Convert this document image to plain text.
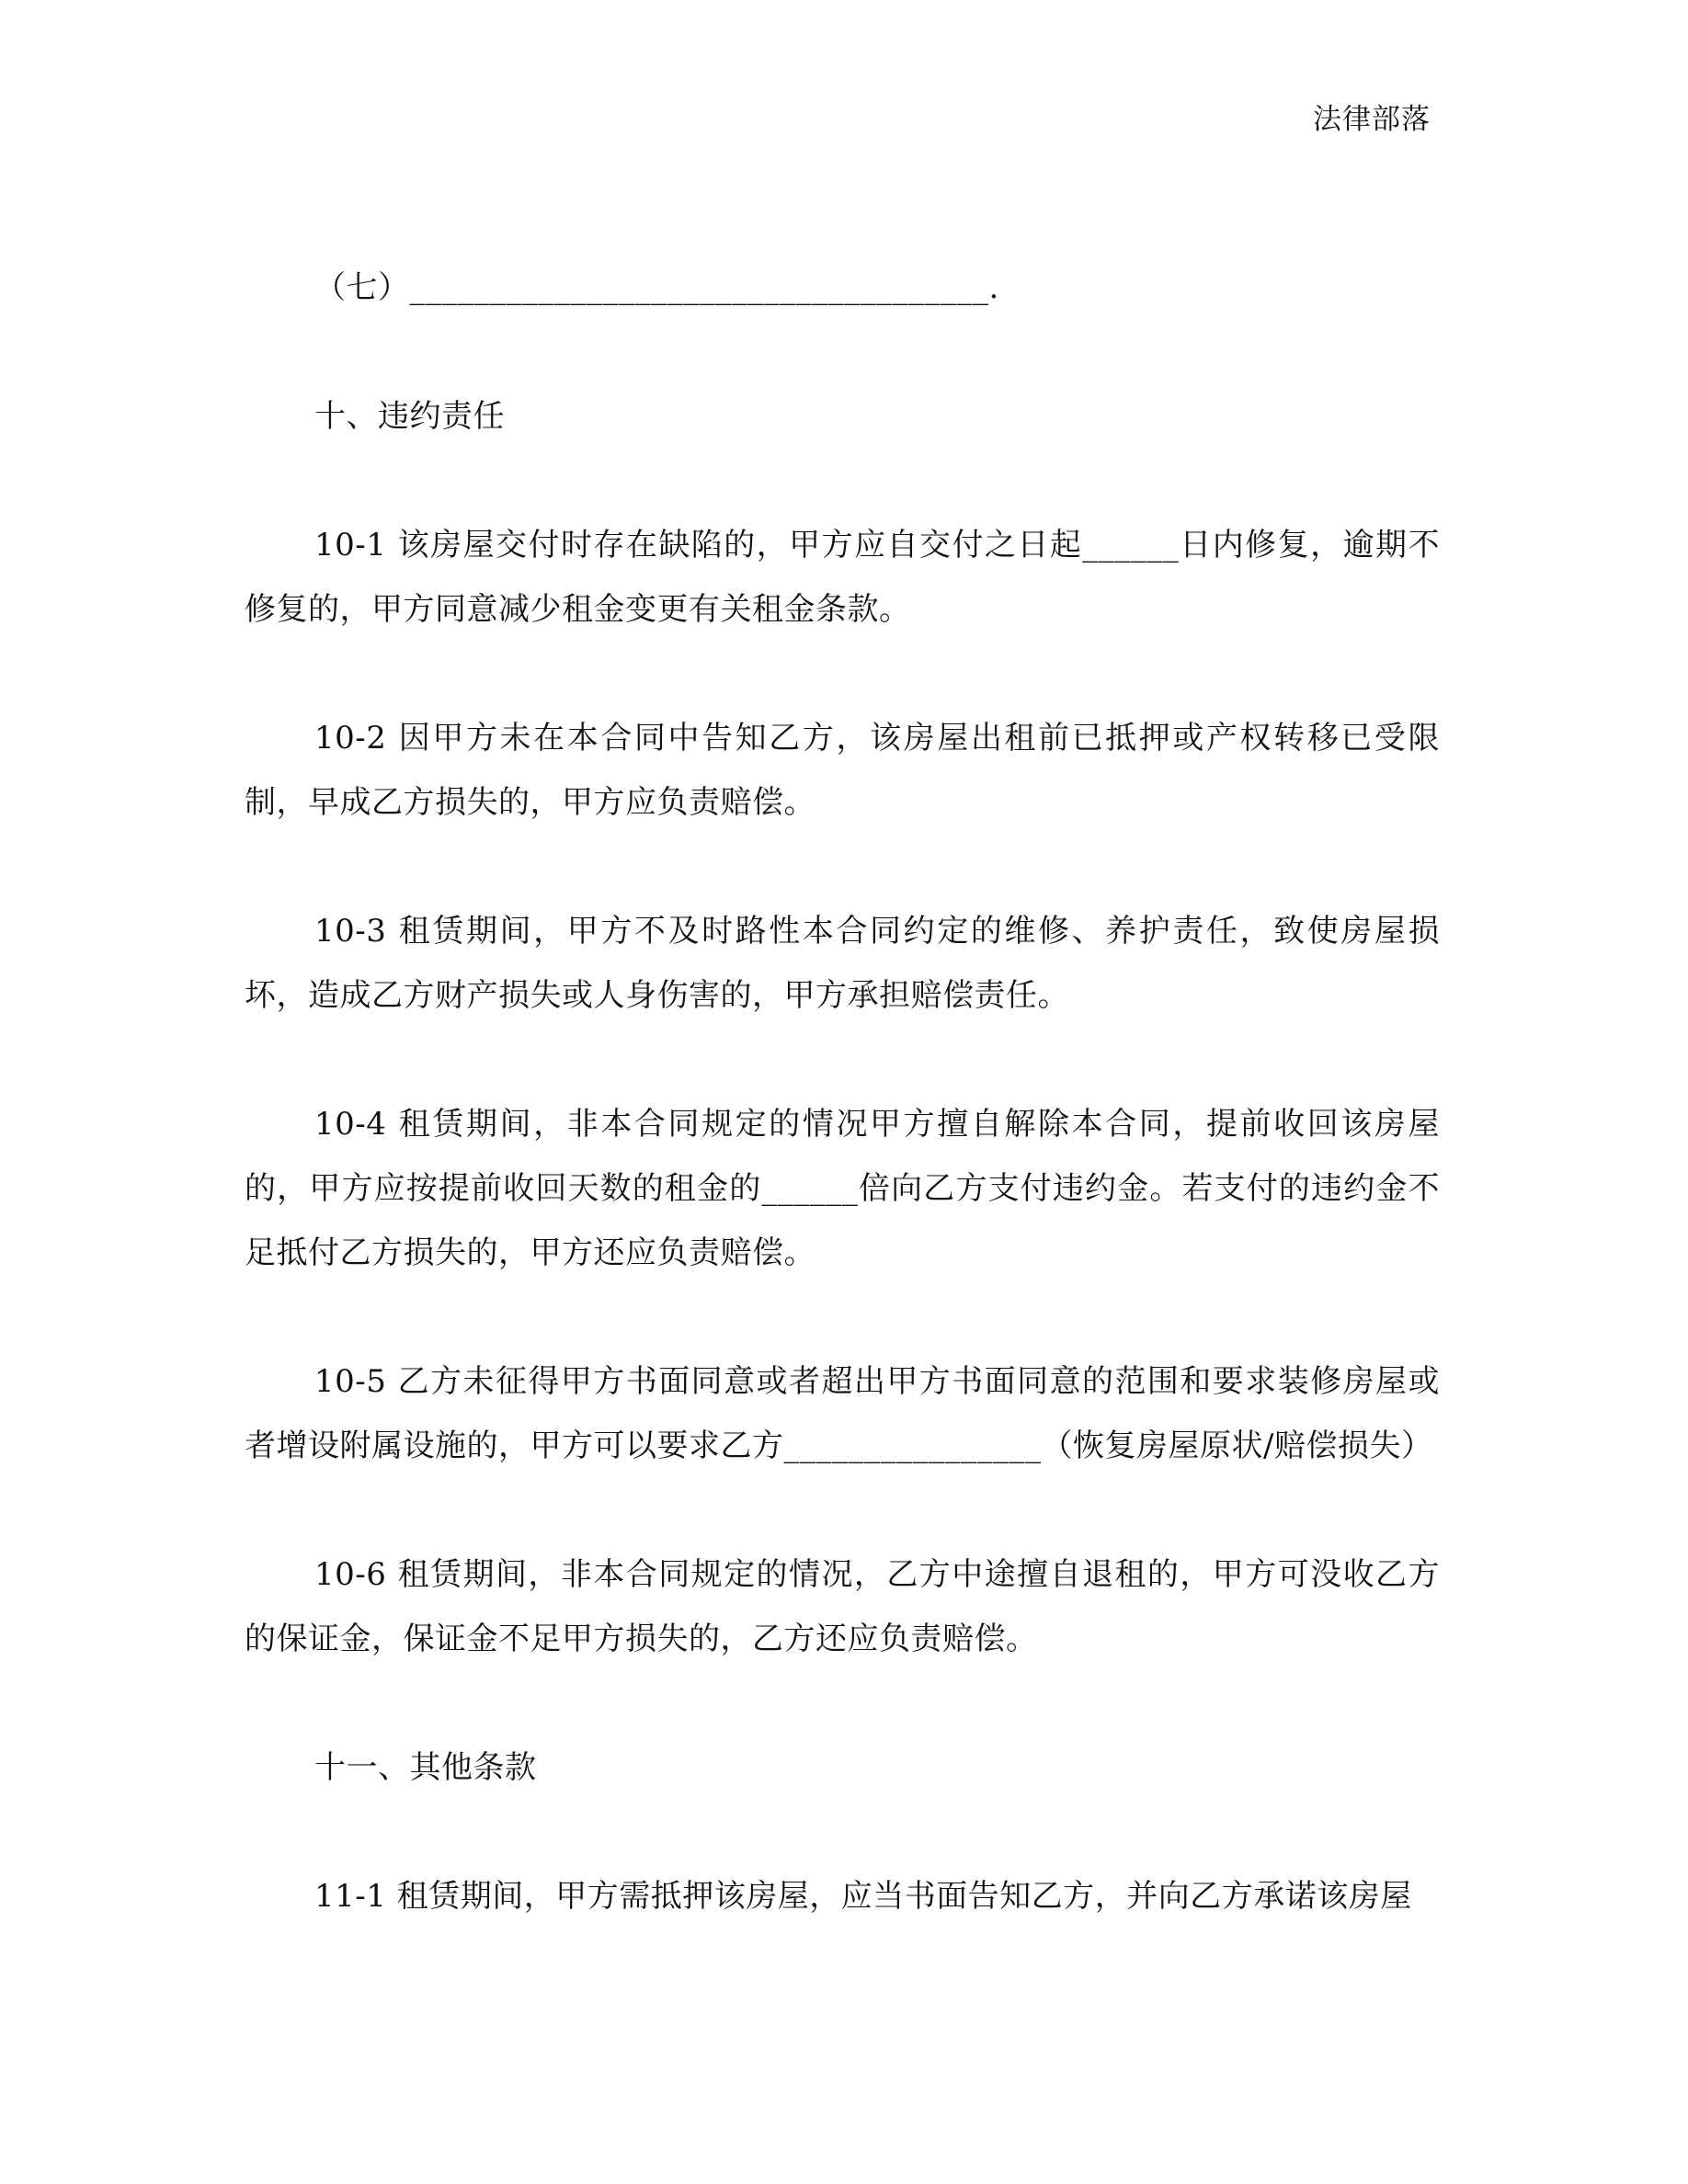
法律部落

（七）____________________________________.

十、违约责任

10-1 该房屋交付时存在缺陷的，甲方应自交付之日起______日内修复，逾期不修复的，甲方同意减少租金变更有关租金条款。

10-2 因甲方未在本合同中告知乙方，该房屋出租前已抵押或产权转移已受限制，早成乙方损失的，甲方应负责赔偿。

10-3 租赁期间，甲方不及时路性本合同约定的维修、养护责任，致使房屋损坏，造成乙方财产损失或人身伤害的，甲方承担赔偿责任。

10-4 租赁期间，非本合同规定的情况甲方擅自解除本合同，提前收回该房屋的，甲方应按提前收回天数的租金的______倍向乙方支付违约金。若支付的违约金不足抵付乙方损失的，甲方还应负责赔偿。

10-5 乙方未征得甲方书面同意或者超出甲方书面同意的范围和要求装修房屋或者增设附属设施的，甲方可以要求乙方________________（恢复房屋原状/赔偿损失）

10-6 租赁期间，非本合同规定的情况，乙方中途擅自退租的，甲方可没收乙方的保证金，保证金不足甲方损失的，乙方还应负责赔偿。

十一、其他条款

11-1 租赁期间，甲方需抵押该房屋，应当书面告知乙方，并向乙方承诺该房屋
